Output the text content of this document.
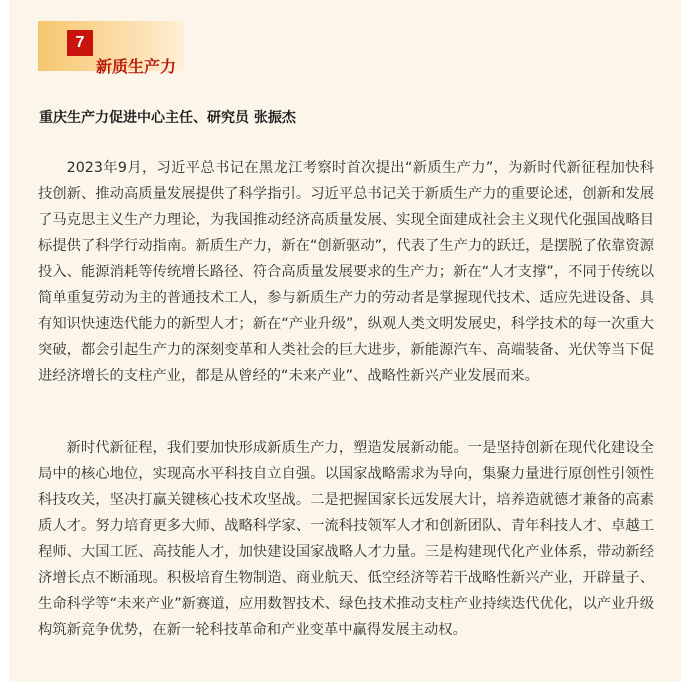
7
新质生产力
重庆生产力促进中心主任、研究员 张振杰

2023年9月，习近平总书记在黑龙江考察时首次提出“新质生产力”，为新时代新征程加快科技创新、推动高质量发展提供了科学指引。习近平总书记关于新质生产力的重要论述，创新和发展了马克思主义生产力理论，为我国推动经济高质量发展、实现全面建成社会主义现代化强国战略目标提供了科学行动指南。新质生产力，新在“创新驱动”，代表了生产力的跃迁，是摆脱了依靠资源投入、能源消耗等传统增长路径、符合高质量发展要求的生产力；新在“人才支撑”，不同于传统以简单重复劳动为主的普通技术工人，参与新质生产力的劳动者是掌握现代技术、适应先进设备、具有知识快速迭代能力的新型人才；新在“产业升级”，纵观人类文明发展史，科学技术的每一次重大突破，都会引起生产力的深刻变革和人类社会的巨大进步，新能源汽车、高端装备、光伏等当下促进经济增长的支柱产业，都是从曾经的“未来产业”、战略性新兴产业发展而来。

新时代新征程，我们要加快形成新质生产力，塑造发展新动能。一是坚持创新在现代化建设全局中的核心地位，实现高水平科技自立自强。以国家战略需求为导向，集聚力量进行原创性引领性科技攻关，坚决打赢关键核心技术攻坚战。二是把握国家长远发展大计，培养造就德才兼备的高素质人才。努力培育更多大师、战略科学家、一流科技领军人才和创新团队、青年科技人才、卓越工程师、大国工匠、高技能人才，加快建设国家战略人才力量。三是构建现代化产业体系，带动新经济增长点不断涌现。积极培育生物制造、商业航天、低空经济等若干战略性新兴产业，开辟量子、生命科学等“未来产业”新赛道，应用数智技术、绿色技术推动支柱产业持续迭代优化，以产业升级构筑新竞争优势，在新一轮科技革命和产业变革中赢得发展主动权。
